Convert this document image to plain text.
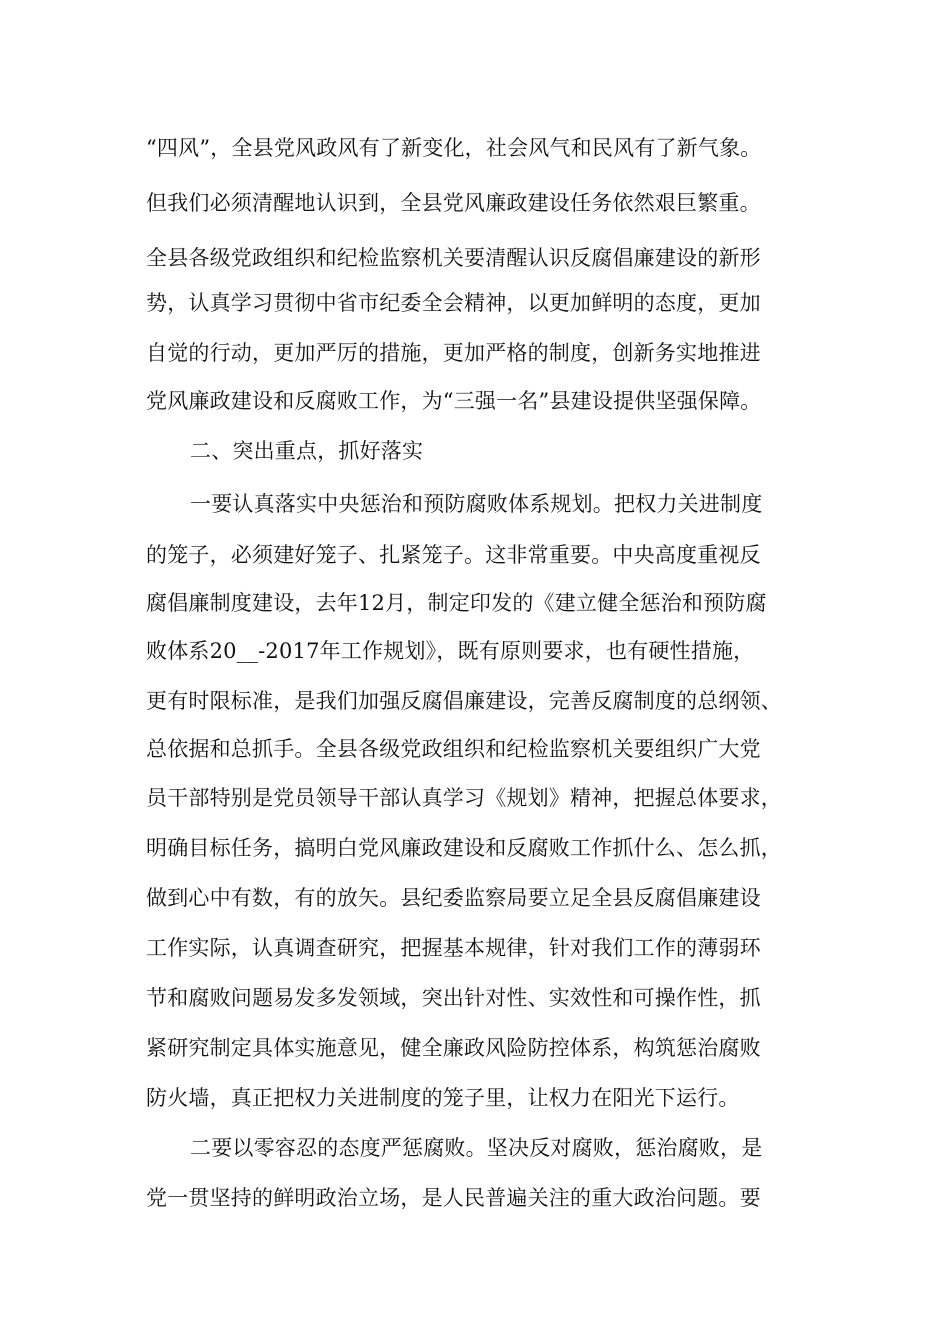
“四风”，全县党风政风有了新变化，社会风气和民风有了新气象。
但我们必须清醒地认识到，全县党风廉政建设任务依然艰巨繁重。
全县各级党政组织和纪检监察机关要清醒认识反腐倡廉建设的新形
势，认真学习贯彻中省市纪委全会精神，以更加鲜明的态度，更加
自觉的行动，更加严厉的措施，更加严格的制度，创新务实地推进
党风廉政建设和反腐败工作，为“三强一名”县建设提供坚强保障。
二、突出重点，抓好落实
一要认真落实中央惩治和预防腐败体系规划。把权力关进制度
的笼子，必须建好笼子、扎紧笼子。这非常重要。中央高度重视反
腐倡廉制度建设，去年12月，制定印发的《建立健全惩治和预防腐
败体系20__-2017年工作规划》，既有原则要求，也有硬性措施，
更有时限标准，是我们加强反腐倡廉建设，完善反腐制度的总纲领、
总依据和总抓手。全县各级党政组织和纪检监察机关要组织广大党
员干部特别是党员领导干部认真学习《规划》精神，把握总体要求，
明确目标任务，搞明白党风廉政建设和反腐败工作抓什么、怎么抓，
做到心中有数，有的放矢。县纪委监察局要立足全县反腐倡廉建设
工作实际，认真调查研究，把握基本规律，针对我们工作的薄弱环
节和腐败问题易发多发领域，突出针对性、实效性和可操作性，抓
紧研究制定具体实施意见，健全廉政风险防控体系，构筑惩治腐败
防火墙，真正把权力关进制度的笼子里，让权力在阳光下运行。
二要以零容忍的态度严惩腐败。坚决反对腐败，惩治腐败，是
党一贯坚持的鲜明政治立场，是人民普遍关注的重大政治问题。要
